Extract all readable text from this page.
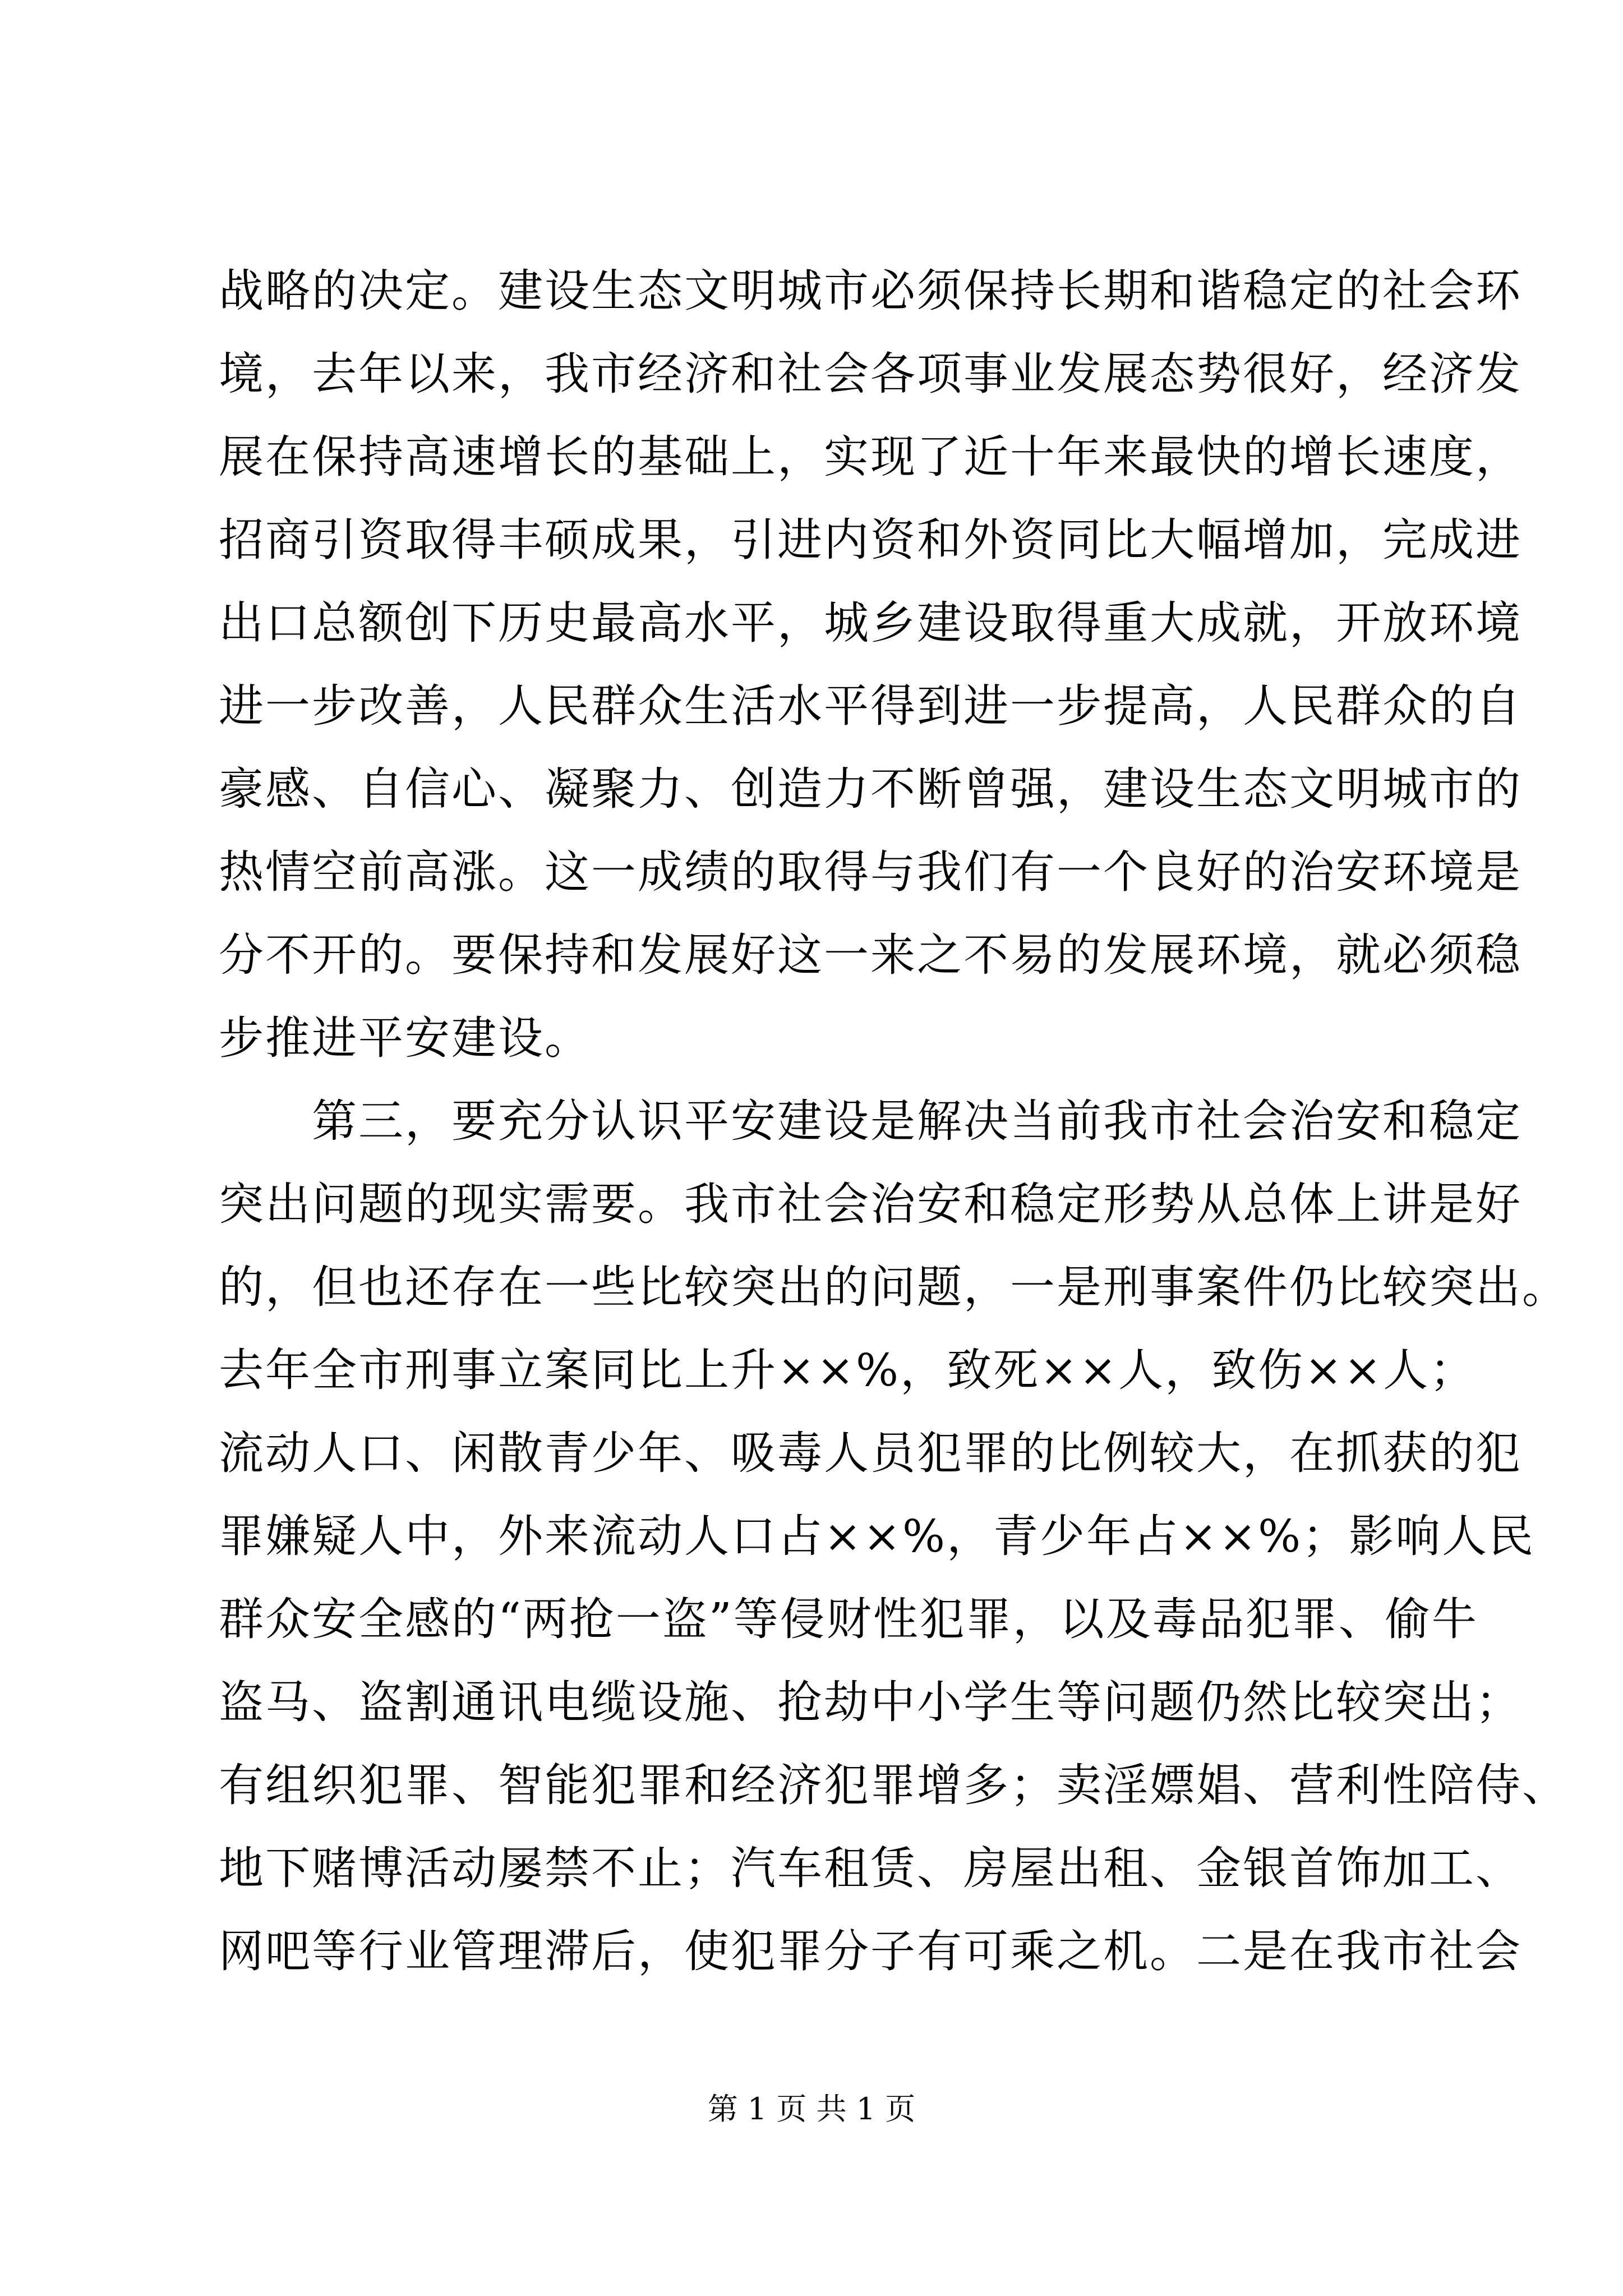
战略的决定。建设生态文明城市必须保持长期和谐稳定的社会环
境，去年以来，我市经济和社会各项事业发展态势很好，经济发
展在保持高速增长的基础上，实现了近十年来最快的增长速度，
招商引资取得丰硕成果，引进内资和外资同比大幅增加，完成进
出口总额创下历史最高水平，城乡建设取得重大成就，开放环境
进一步改善，人民群众生活水平得到进一步提高，人民群众的自
豪感、自信心、凝聚力、创造力不断曾强，建设生态文明城市的
热情空前高涨。这一成绩的取得与我们有一个良好的治安环境是
分不开的。要保持和发展好这一来之不易的发展环境，就必须稳
步推进平安建设。
　　第三，要充分认识平安建设是解决当前我市社会治安和稳定
突出问题的现实需要。我市社会治安和稳定形势从总体上讲是好
的，但也还存在一些比较突出的问题，一是刑事案件仍比较突出。
去年全市刑事立案同比上升××%，致死××人，致伤××人；
流动人口、闲散青少年、吸毒人员犯罪的比例较大，在抓获的犯
罪嫌疑人中，外来流动人口占××%，青少年占××%；影响人民
群众安全感的“两抢一盗”等侵财性犯罪，以及毒品犯罪、偷牛
盗马、盗割通讯电缆设施、抢劫中小学生等问题仍然比较突出；
有组织犯罪、智能犯罪和经济犯罪增多；卖淫嫖娼、营利性陪侍、
地下赌博活动屡禁不止；汽车租赁、房屋出租、金银首饰加工、
网吧等行业管理滞后，使犯罪分子有可乘之机。二是在我市社会
第 1 页 共 1 页
